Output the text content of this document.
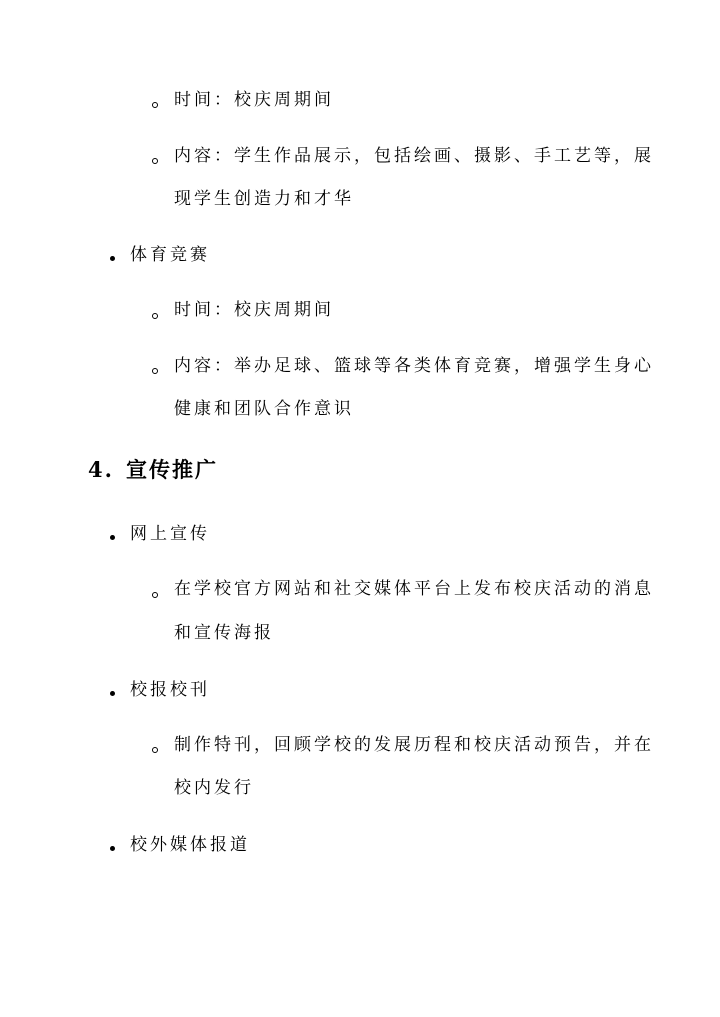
时间：校庆周期间
内容：学生作品展示，包括绘画、摄影、手工艺等，展
现学生创造力和才华
体育竞赛
时间：校庆周期间
内容：举办足球、篮球等各类体育竞赛，增强学生身心
健康和团队合作意识
4. 宣传推广
网上宣传
在学校官方网站和社交媒体平台上发布校庆活动的消息
和宣传海报
校报校刊
制作特刊，回顾学校的发展历程和校庆活动预告，并在
校内发行
校外媒体报道
